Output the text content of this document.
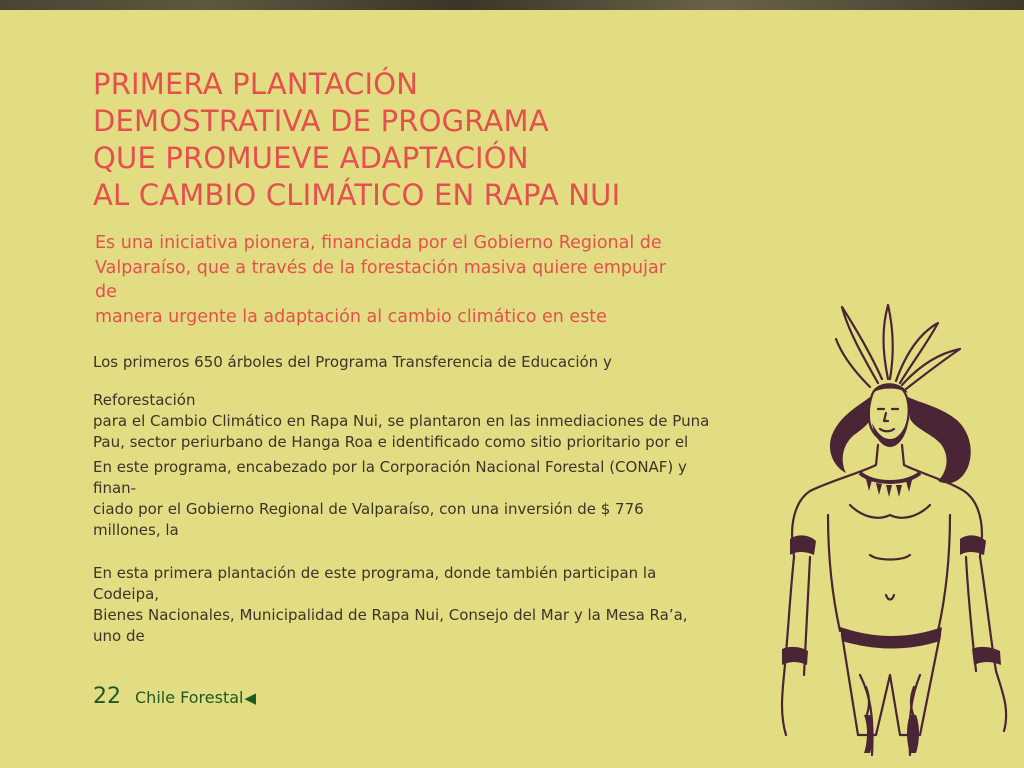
PRIMERA PLANTACIÓN
DEMOSTRATIVA DE PROGRAMA
QUE PROMUEVE ADAPTACIÓN
AL CAMBIO CLIMÁTICO EN RAPA NUI

Es una iniciativa pionera, financiada por el Gobierno Regional de
Valparaíso, que a través de la forestación masiva quiere empujar
de
manera urgente la adaptación al cambio climático en este

Los primeros 650 árboles del Programa Transferencia de Educación y

Reforestación
para el Cambio Climático en Rapa Nui, se plantaron en las inmediaciones de Puna
Pau, sector periurbano de Hanga Roa e identificado como sitio prioritario por el

En este programa, encabezado por la Corporación Nacional Forestal (CONAF) y
finan-
ciado por el Gobierno Regional de Valparaíso, con una inversión de $ 776
millones, la

En esta primera plantación de este programa, donde también participan la
Codeipa,
Bienes Nacionales, Municipalidad de Rapa Nui, Consejo del Mar y la Mesa Ra’a,
uno de

22 Chile Forestal ◀
